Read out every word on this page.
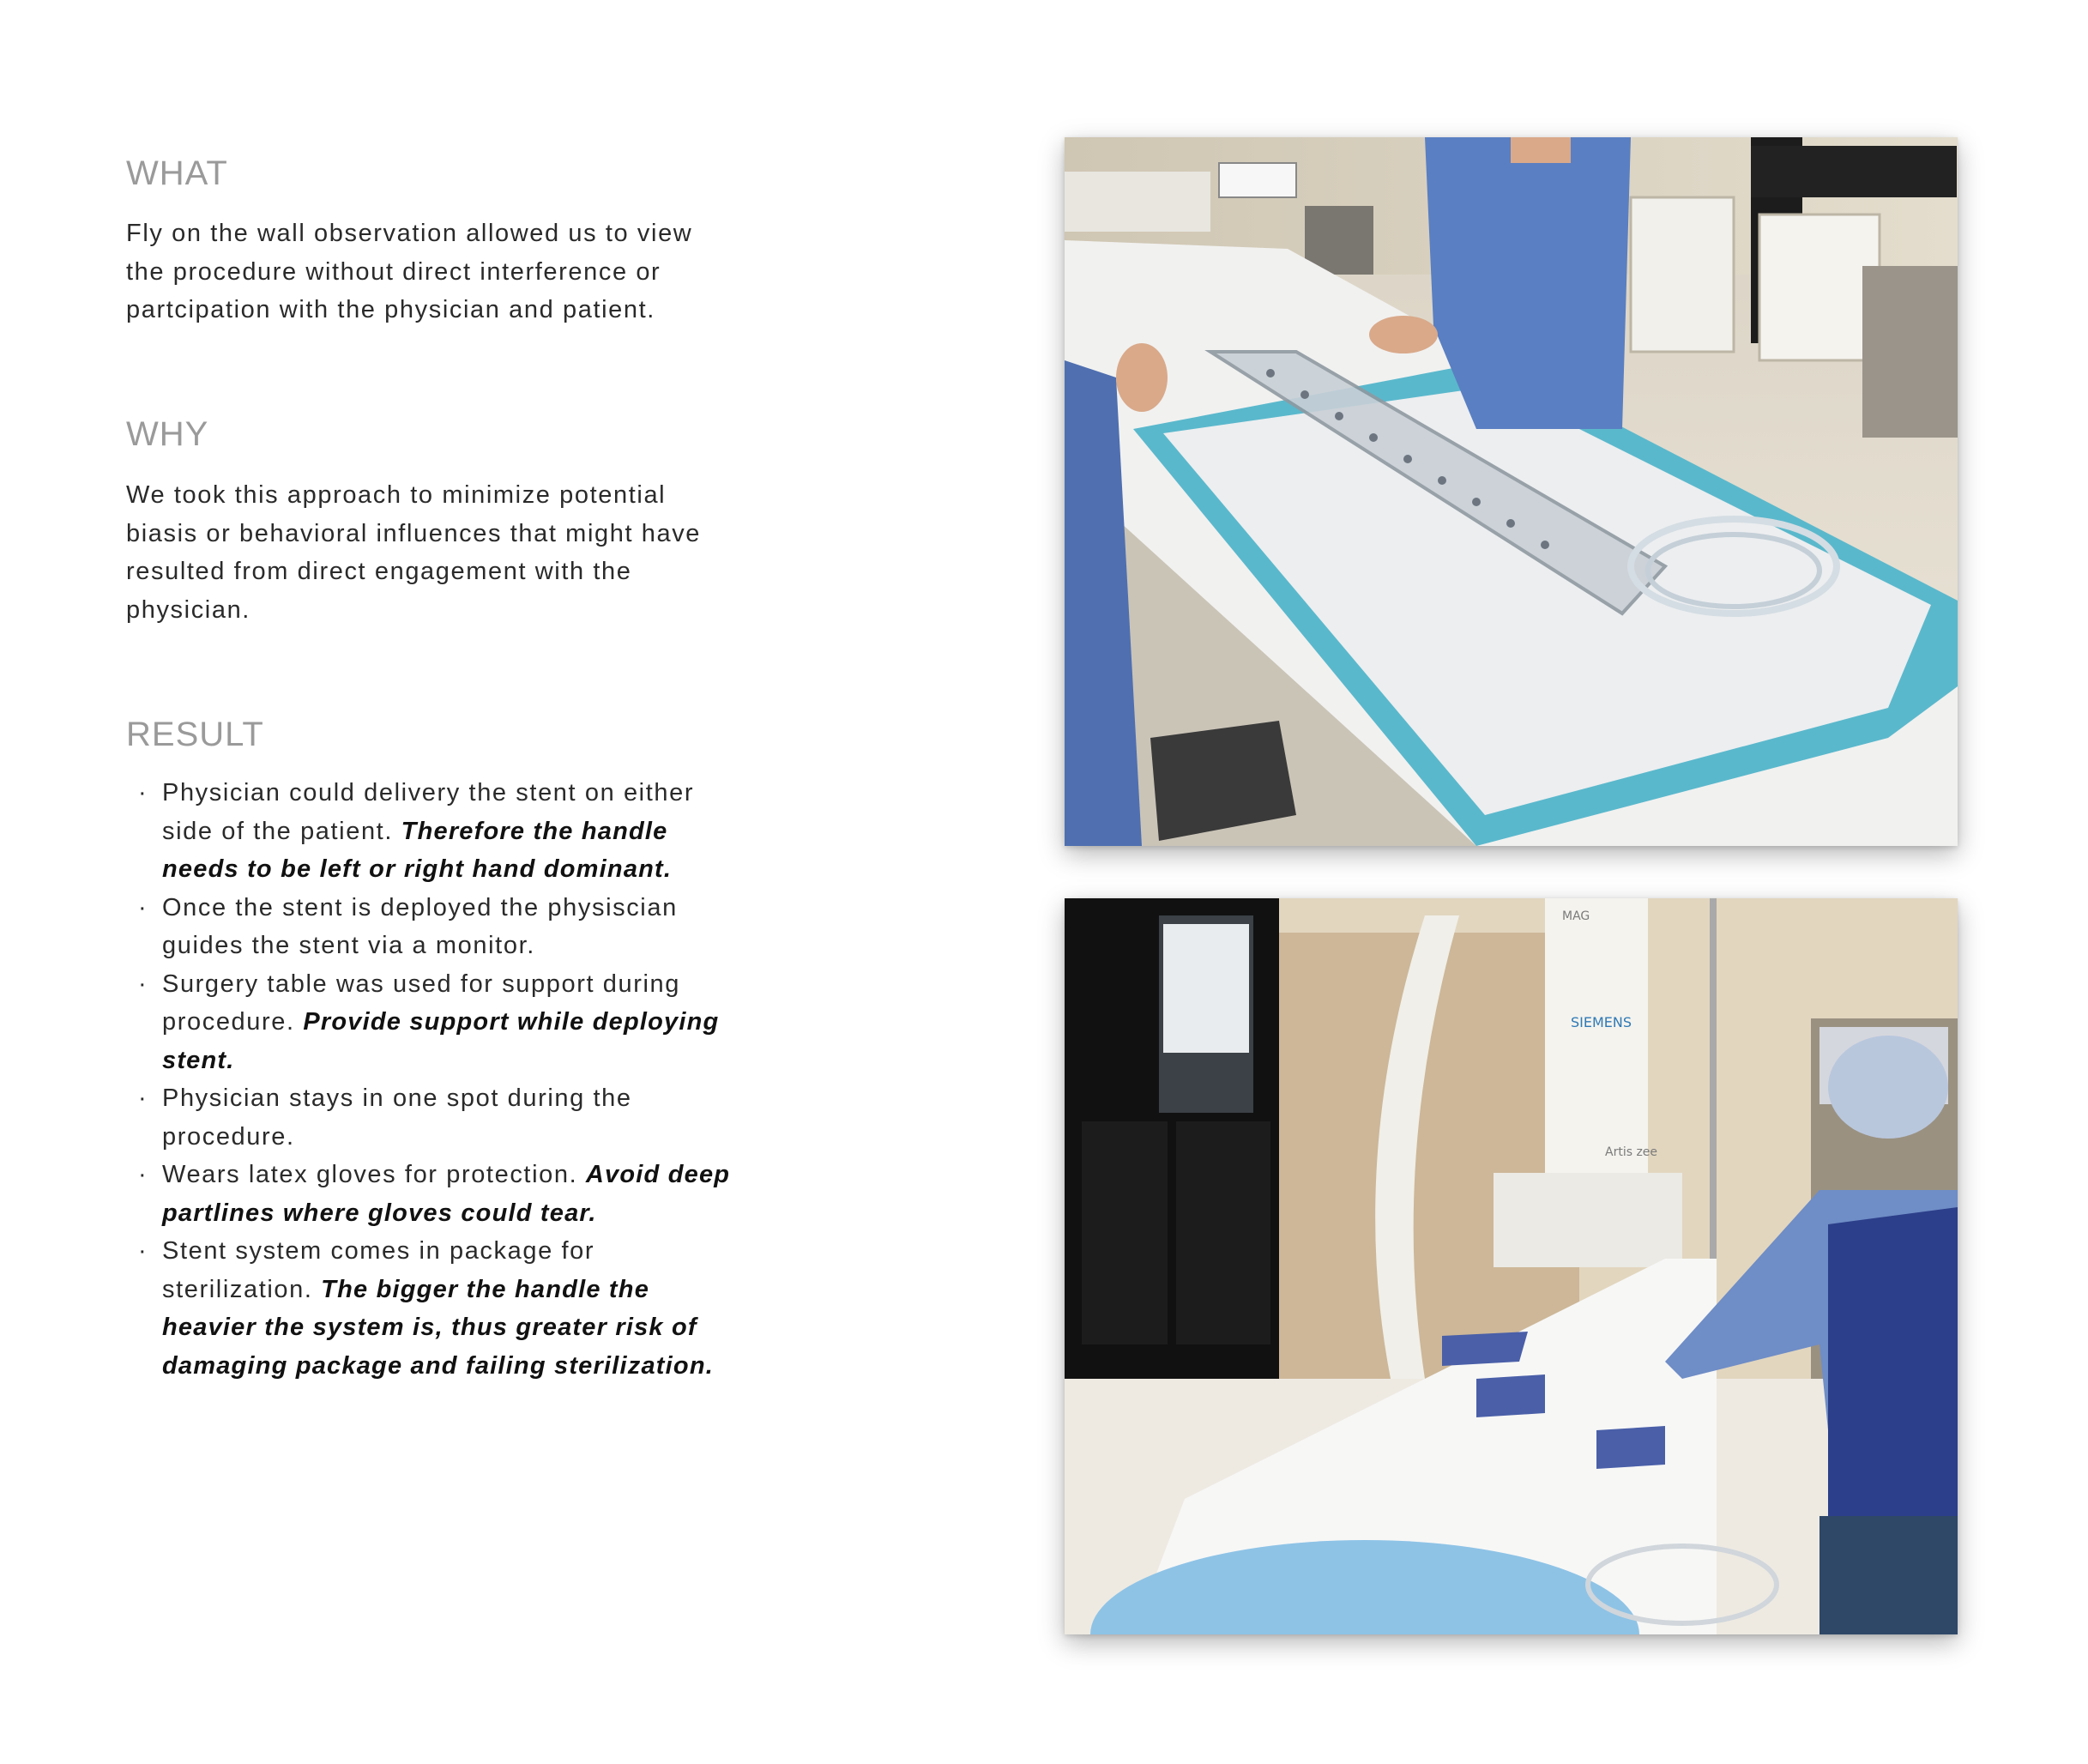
WHAT

Fly on the wall observation allowed us to view the procedure without direct interference or partcipation with the physician and patient.

WHY

We took this approach to minimize potential biasis or behavioral influences that might have resulted from direct engagement with the physician.

RESULT
· Physician could delivery the stent on either side of the patient. Therefore the handle needs to be left or right hand dominant.
· Once the stent is deployed the physiscian guides the stent via a monitor.
· Surgery table was used for support during procedure. Provide support while deploying stent.
· Physician stays in one spot during the procedure.
· Wears latex gloves for protection. Avoid deep partlines where gloves could tear.
· Stent system comes in package for sterilization. The bigger the handle the heavier the system is, thus greater risk of damaging package and failing sterilization.
SIEMENS
Artis zee
MAG
